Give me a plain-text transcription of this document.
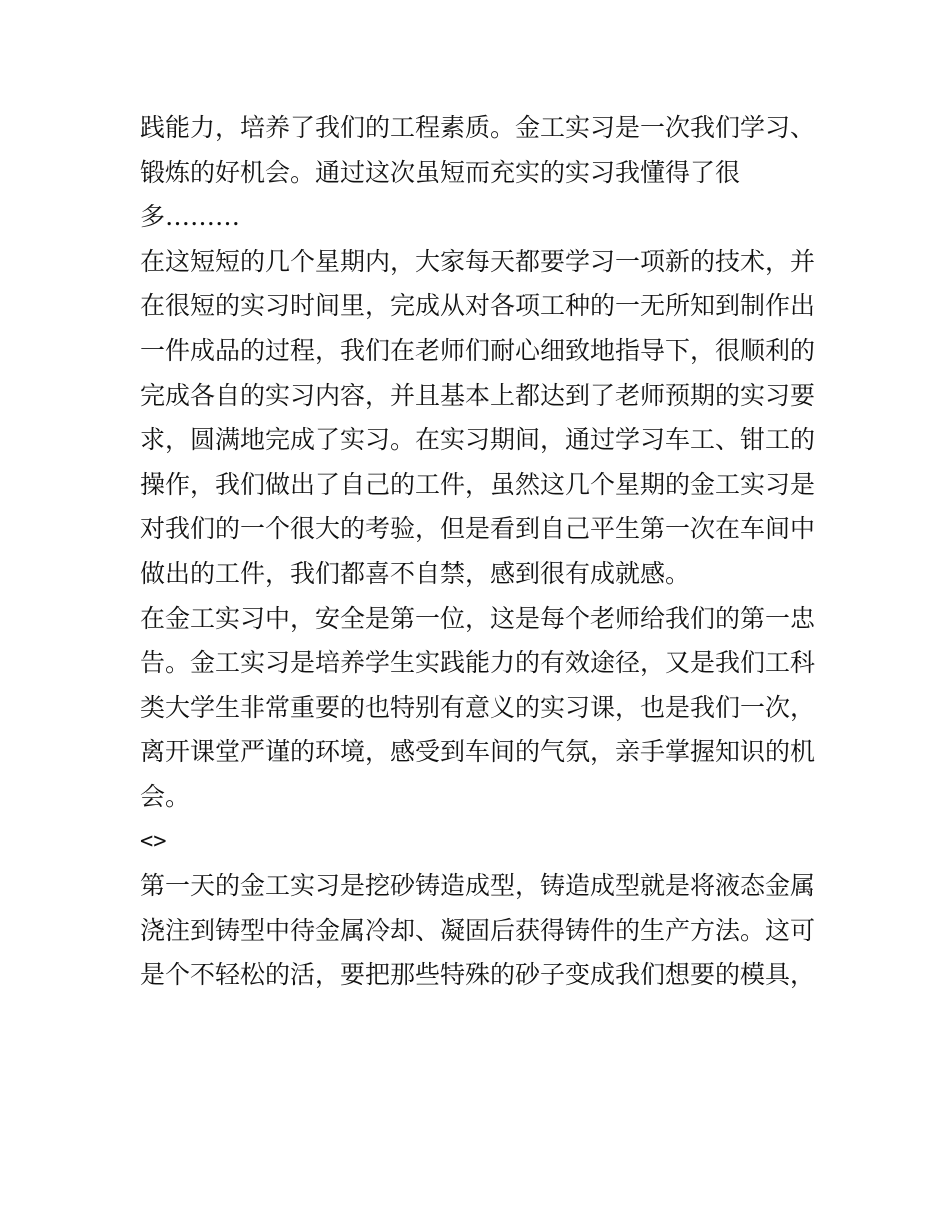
践能力，培养了我们的工程素质。金工实习是一次我们学习、
锻炼的好机会。通过这次虽短而充实的实习我懂得了很
多………
在这短短的几个星期内，大家每天都要学习一项新的技术，并
在很短的实习时间里，完成从对各项工种的一无所知到制作出
一件成品的过程，我们在老师们耐心细致地指导下，很顺利的
完成各自的实习内容，并且基本上都达到了老师预期的实习要
求，圆满地完成了实习。在实习期间，通过学习车工、钳工的
操作，我们做出了自己的工件，虽然这几个星期的金工实习是
对我们的一个很大的考验，但是看到自己平生第一次在车间中
做出的工件，我们都喜不自禁，感到很有成就感。
在金工实习中，安全是第一位，这是每个老师给我们的第一忠
告。金工实习是培养学生实践能力的有效途径，又是我们工科
类大学生非常重要的也特别有意义的实习课，也是我们一次，
离开课堂严谨的环境，感受到车间的气氛，亲手掌握知识的机
会。
<>
第一天的金工实习是挖砂铸造成型，铸造成型就是将液态金属
浇注到铸型中待金属冷却、凝固后获得铸件的生产方法。这可
是个不轻松的活，要把那些特殊的砂子变成我们想要的模具，
